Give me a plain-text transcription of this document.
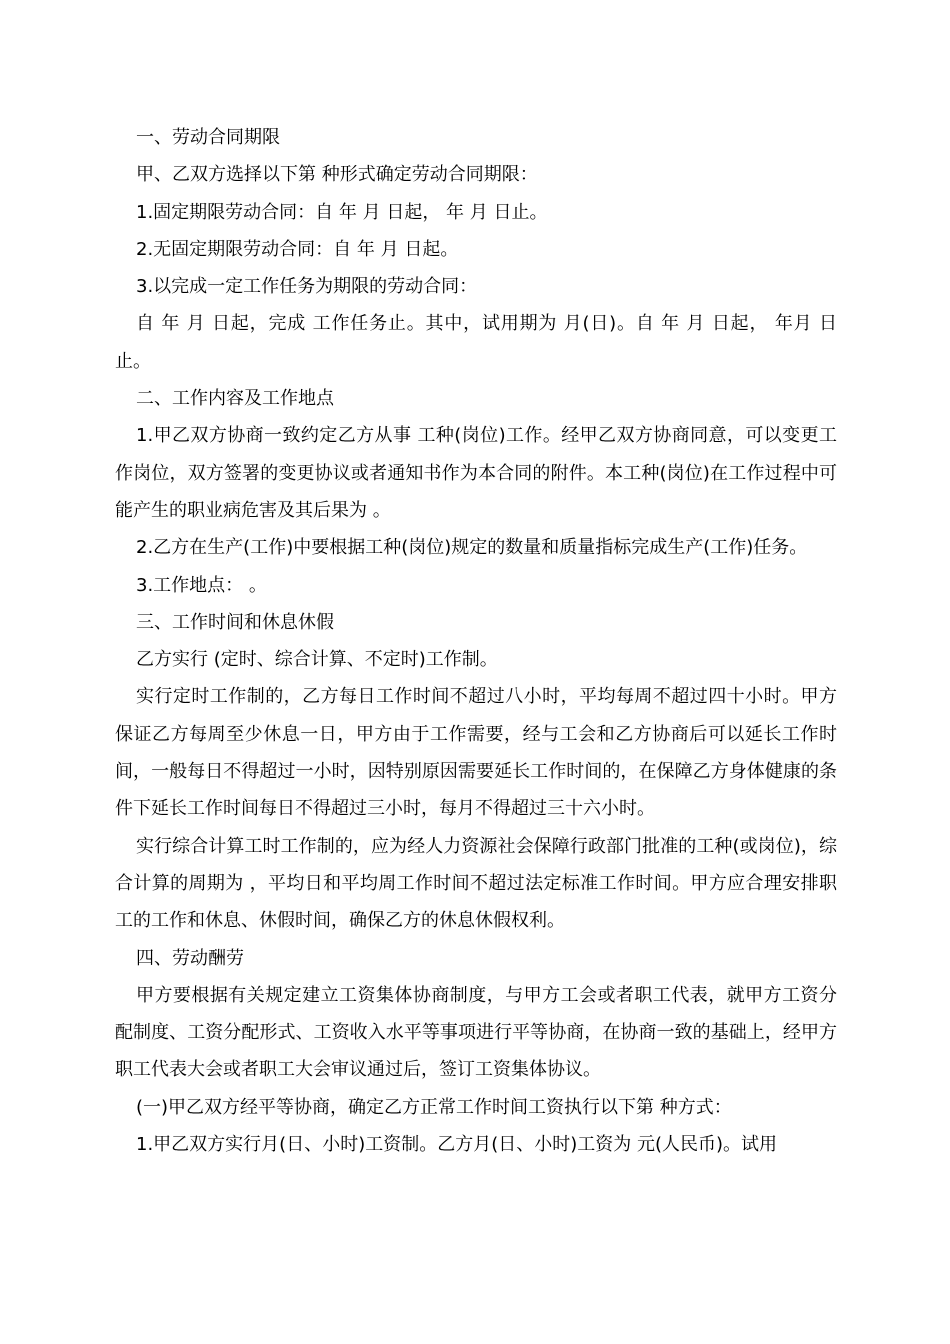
一、劳动合同期限

甲、乙双方选择以下第 种形式确定劳动合同期限：

1.固定期限劳动合同：自 年 月 日起， 年 月 日止。

2.无固定期限劳动合同：自 年 月 日起。

3.以完成一定工作任务为期限的劳动合同：

自 年 月 日起，完成 工作任务止。其中，试用期为 月(日)。自 年 月 日起， 年月 日止。

二、工作内容及工作地点

1.甲乙双方协商一致约定乙方从事 工种(岗位)工作。经甲乙双方协商同意，可以变更工作岗位，双方签署的变更协议或者通知书作为本合同的附件。本工种(岗位)在工作过程中可能产生的职业病危害及其后果为 。

2.乙方在生产(工作)中要根据工种(岗位)规定的数量和质量指标完成生产(工作)任务。

3.工作地点： 。

三、工作时间和休息休假

乙方实行 (定时、综合计算、不定时)工作制。

实行定时工作制的，乙方每日工作时间不超过八小时，平均每周不超过四十小时。甲方保证乙方每周至少休息一日，甲方由于工作需要，经与工会和乙方协商后可以延长工作时间，一般每日不得超过一小时，因特别原因需要延长工作时间的，在保障乙方身体健康的条件下延长工作时间每日不得超过三小时，每月不得超过三十六小时。

实行综合计算工时工作制的，应为经人力资源社会保障行政部门批准的工种(或岗位)，综合计算的周期为 ，平均日和平均周工作时间不超过法定标准工作时间。甲方应合理安排职工的工作和休息、休假时间，确保乙方的休息休假权利。

四、劳动酬劳

甲方要根据有关规定建立工资集体协商制度，与甲方工会或者职工代表，就甲方工资分配制度、工资分配形式、工资收入水平等事项进行平等协商，在协商一致的基础上，经甲方职工代表大会或者职工大会审议通过后，签订工资集体协议。

(一)甲乙双方经平等协商，确定乙方正常工作时间工资执行以下第 种方式：

1.甲乙双方实行月(日、小时)工资制。乙方月(日、小时)工资为 元(人民币)。试用
